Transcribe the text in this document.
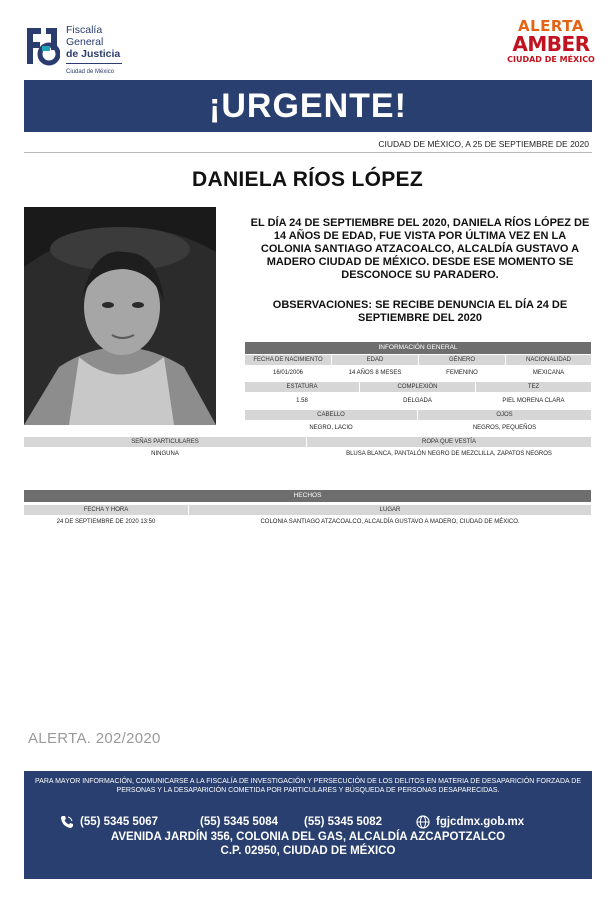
Fiscalía
General
de Justicia
Ciudad de México
ALERTA
AMBER
CIUDAD DE MÉXICO
¡URGENTE!
CIUDAD DE MÉXICO, A 25 DE SEPTIEMBRE DE 2020
DANIELA RÍOS LÓPEZ
EL DÍA 24 DE SEPTIEMBRE DEL 2020, DANIELA RÍOS LÓPEZ DE 14 AÑOS DE EDAD, FUE VISTA POR ÚLTIMA VEZ EN LA COLONIA SANTIAGO ATZACOALCO, ALCALDÍA GUSTAVO A MADERO CIUDAD DE MÉXICO. DESDE ESE MOMENTO SE DESCONOCE SU PARADERO.
OBSERVACIONES: SE RECIBE DENUNCIA EL DÍA 24 DE SEPTIEMBRE DEL 2020
INFORMACIÓN GENERAL
FECHA DE NACIMIENTO	EDAD	GÉNERO	NACIONALIDAD
16/01/2006	14 AÑOS 8 MESES	FEMENINO	MEXICANA
ESTATURA	COMPLEXIÓN	TEZ
1.58	DELGADA	PIEL MORENA CLARA
CABELLO	OJOS
NEGRO, LACIO	NEGROS, PEQUEÑOS
SEÑAS PARTICULARES	ROPA QUE VESTÍA
NINGUNA	BLUSA BLANCA, PANTALÓN NEGRO DE MEZCLILLA, ZAPATOS NEGROS
HECHOS
FECHA Y HORA	LUGAR
24 DE SEPTIEMBRE DE 2020 13:50	COLONIA SANTIAGO ATZACOALCO, ALCALDÍA GUSTAVO A MADERO, CIUDAD DE MÉXICO.
ALERTA. 202/2020
PARA MAYOR INFORMACIÓN, COMUNICARSE A LA FISCALÍA DE INVESTIGACIÓN Y PERSECUCIÓN DE LOS DELITOS EN MATERIA DE DESAPARICIÓN FORZADA DE PERSONAS Y LA DESAPARICIÓN COMETIDA POR PARTICULARES Y BÚSQUEDA DE PERSONAS DESAPARECIDAS.
(55) 5345 5067	(55) 5345 5084 (55) 5345 5082	fgjcdmx.gob.mx
AVENIDA JARDÍN 356, COLONIA DEL GAS, ALCALDÍA AZCAPOTZALCO
C.P. 02950, CIUDAD DE MÉXICO
